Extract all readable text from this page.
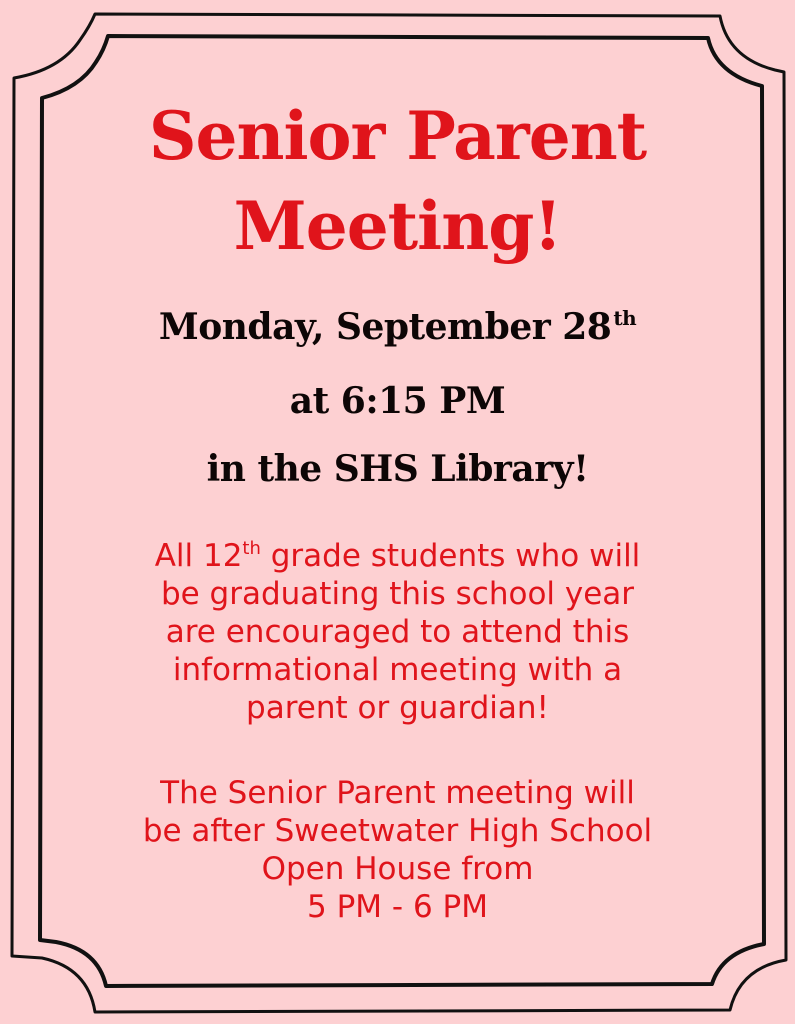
Senior Parent
Meeting!
Monday, September 28 $^{th}$
at 6:15 PM
in the SHS Library!
All 12th grade students who will
be graduating this school year
are encouraged to attend this
informational meeting with a
parent or guardian!
The Senior Parent meeting will
be after Sweetwater High School
Open House from
5 PM - 6 PM
